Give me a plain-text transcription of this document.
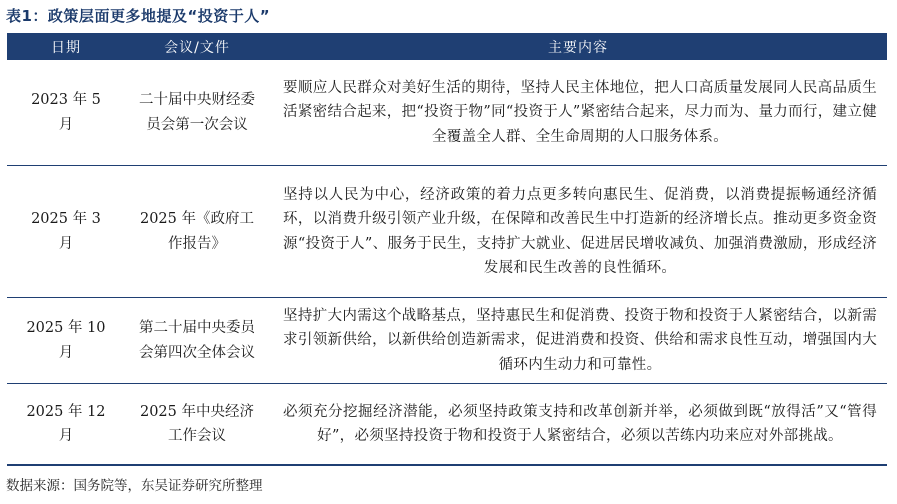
表1：政策层面更多地提及“投资于人”
日期	会议/文件	主要内容
2023 年 5 月	二十届中央财经委员会第一次会议	要顺应人民群众对美好生活的期待，坚持人民主体地位，把人口高质量发展同人民高品质生活紧密结合起来，把“投资于物”同“投资于人”紧密结合起来，尽力而为、量力而行，建立健全覆盖全人群、全生命周期的人口服务体系。

2025 年 3 月	2025 年《政府工作报告》	坚持以人民为中心，经济政策的着力点更多转向惠民生、促消费，以消费提振畅通经济循环，以消费升级引领产业升级，在保障和改善民生中打造新的经济增长点。推动更多资金资源“投资于人”、服务于民生，支持扩大就业、促进居民增收减负、加强消费激励，形成经济发展和民生改善的良性循环。

2025 年 10 月	第二十届中央委员会第四次全体会议	坚持扩大内需这个战略基点，坚持惠民生和促消费、投资于物和投资于人紧密结合，以新需求引领新供给，以新供给创造新需求，促进消费和投资、供给和需求良性互动，增强国内大循环内生动力和可靠性。

2025 年 12 月	2025 年中央经济工作会议	必须充分挖掘经济潜能，必须坚持政策支持和改革创新并举，必须做到既“放得活”又“管得好”，必须坚持投资于物和投资于人紧密结合，必须以苦练内功来应对外部挑战。
数据来源：国务院等，东吴证券研究所整理
